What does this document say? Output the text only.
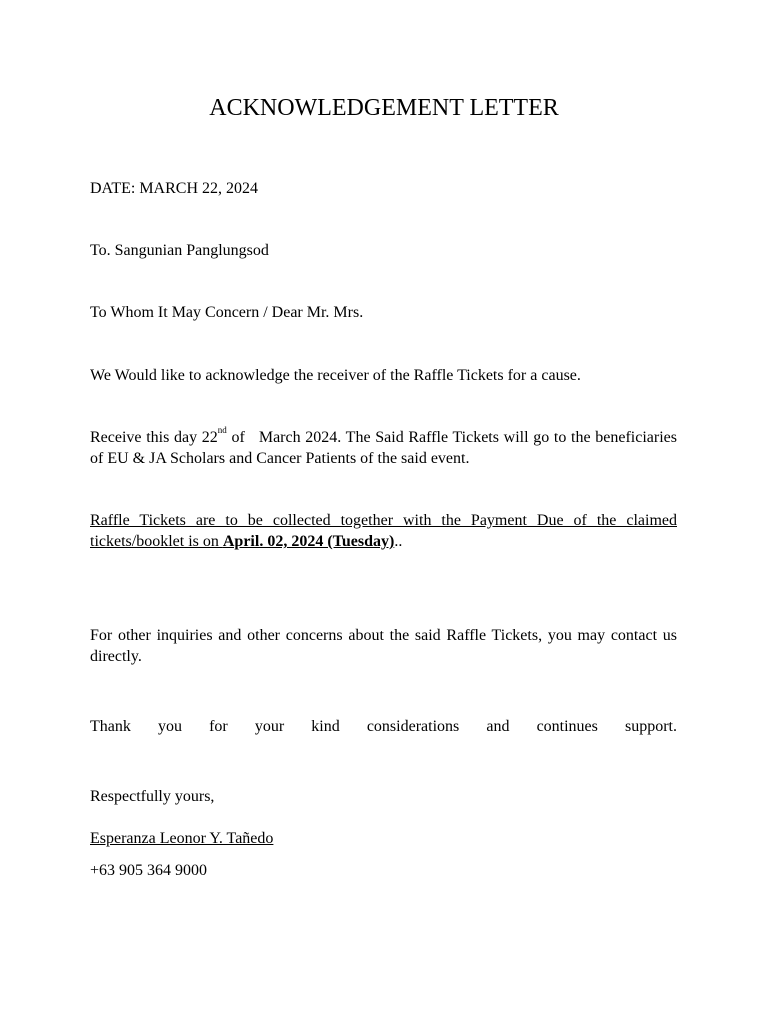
ACKNOWLEDGEMENT LETTER

DATE: MARCH 22, 2024

To. Sangunian Panglungsod

To Whom It May Concern / Dear Mr. Mrs.

We Would like to acknowledge the receiver of the Raffle Tickets for a cause.

Receive this day 22nd of   March 2024. The Said Raffle Tickets will go to the beneficiaries of EU & JA Scholars and Cancer Patients of the said event.

Raffle Tickets are to be collected together with the Payment Due of the claimed tickets/booklet is on April. 02, 2024 (Tuesday)..

For other inquiries and other concerns about the said Raffle Tickets, you may contact us directly.

Thank you for your kind considerations and continues support.

Respectfully yours,

Esperanza Leonor Y. Tañedo

+63 905 364 9000
